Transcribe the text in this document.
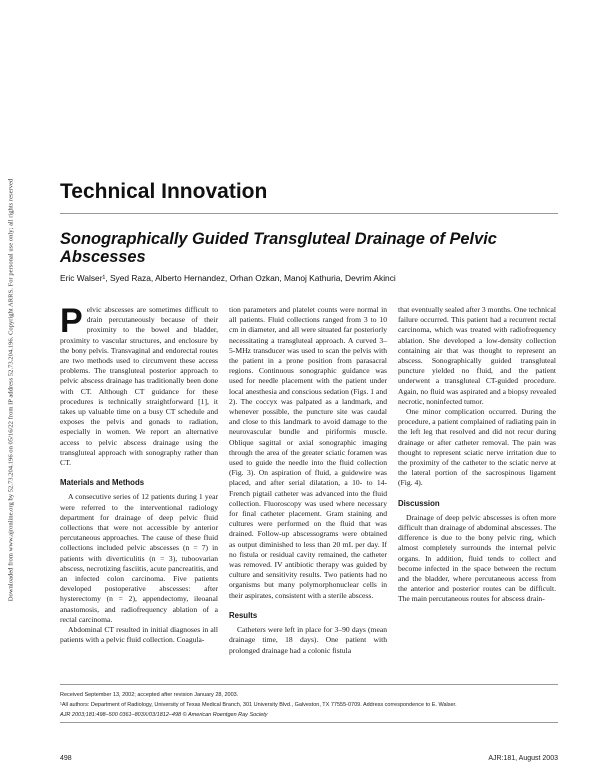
Downloaded from www.ajronline.org by 52.73.204.196 on 05/16/22 from IP address 52.73.204.196. Copyright ARRS. For personal use only; all rights reserved Technical Innovation
Sonographically Guided Transgluteal Drainage of Pelvic Abscesses
Eric Walser¹, Syed Raza, Alberto Hernandez, Orhan Ozkan, Manoj Kathuria, Devrim Akinci
P elvic abscesses are sometimes difficult to drain percutaneously because of their proximity to the bowel and bladder, proximity to vascular structures, and enclosure by the bony pelvis. Transvaginal and endorectal routes are two methods used to circumvent these access problems. The transgluteal posterior approach to pelvic abscess drainage has traditionally been done with CT. Although CT guidance for these procedures is technically straightforward [1], it takes up valuable time on a busy CT schedule and exposes the pelvis and gonads to radiation, especially in women. We report an alternative access to pelvic abscess drainage using the transgluteal approach with sonography rather than CT.

Materials and Methods

A consecutive series of 12 patients during 1 year were referred to the interventional radiology department for drainage of deep pelvic fluid collections that were not accessible by anterior percutaneous approaches. The cause of these fluid collections included pelvic abscesses (n = 7) in patients with diverticulitis (n = 3), tuboovarian abscess, necrotizing fasciitis, acute pancreatitis, and an infected colon carcinoma. Five patients developed postoperative abscesses: after hysterectomy (n = 2), appendectomy, ileoanal anastomosis, and radiofrequency ablation of a rectal carcinoma.

Abdominal CT resulted in initial diagnoses in all patients with a pelvic fluid collection. Coagula-

tion parameters and platelet counts were normal in all patients. Fluid collections ranged from 3 to 10 cm in diameter, and all were situated far posteriorly necessitating a transgluteal approach. A curved 3–5-MHz transducer was used to scan the pelvis with the patient in a prone position from parasacral regions. Continuous sonographic guidance was used for needle placement with the patient under local anesthesia and conscious sedation (Figs. 1 and 2). The coccyx was palpated as a landmark, and whenever possible, the puncture site was caudal and close to this landmark to avoid damage to the neurovascular bundle and piriformis muscle. Oblique sagittal or axial sonographic imaging through the area of the greater sciatic foramen was used to guide the needle into the fluid collection (Fig. 3). On aspiration of fluid, a guidewire was placed, and after serial dilatation, a 10- to 14-French pigtail catheter was advanced into the fluid collection. Fluoroscopy was used where necessary for final catheter placement. Gram staining and cultures were performed on the fluid that was drained. Follow-up abscessograms were obtained as output diminished to less than 20 mL per day. If no fistula or residual cavity remained, the catheter was removed. IV antibiotic therapy was guided by culture and sensitivity results. Two patients had no organisms but many polymorphonuclear cells in their aspirates, consistent with a sterile abscess.

Results

Catheters were left in place for 3–90 days (mean drainage time, 18 days). One patient with prolonged drainage had a colonic fistula

that eventually sealed after 3 months. One technical failure occurred. This patient had a recurrent rectal carcinoma, which was treated with radiofrequency ablation. She developed a low-density collection containing air that was thought to represent an abscess. Sonographically guided transgluteal puncture yielded no fluid, and the patient underwent a transgluteal CT-guided procedure. Again, no fluid was aspirated and a biopsy revealed necrotic, noninfected tumor.

One minor complication occurred. During the procedure, a patient complained of radiating pain in the left leg that resolved and did not recur during drainage or after catheter removal. The pain was thought to represent sciatic nerve irritation due to the proximity of the catheter to the sciatic nerve at the lateral portion of the sacrospinous ligament (Fig. 4).

Discussion

Drainage of deep pelvic abscesses is often more difficult than drainage of abdominal abscesses. The difference is due to the bony pelvic ring, which almost completely surrounds the internal pelvic organs. In addition, fluid tends to collect and become infected in the space between the rectum and the bladder, where percutaneous access from the anterior and posterior routes can be difficult. The main percutaneous routes for abscess drain-

Received September 13, 2002; accepted after revision January 28, 2003.
¹All authors: Department of Radiology, University of Texas Medical Branch, 301 University Blvd., Galveston, TX 77555-0709. Address correspondence to E. Walser.
AJR 2003;181:498–500 0361–803X/03/1812–498 © American Roentgen Ray Society
498	AJR:181, August 2003
